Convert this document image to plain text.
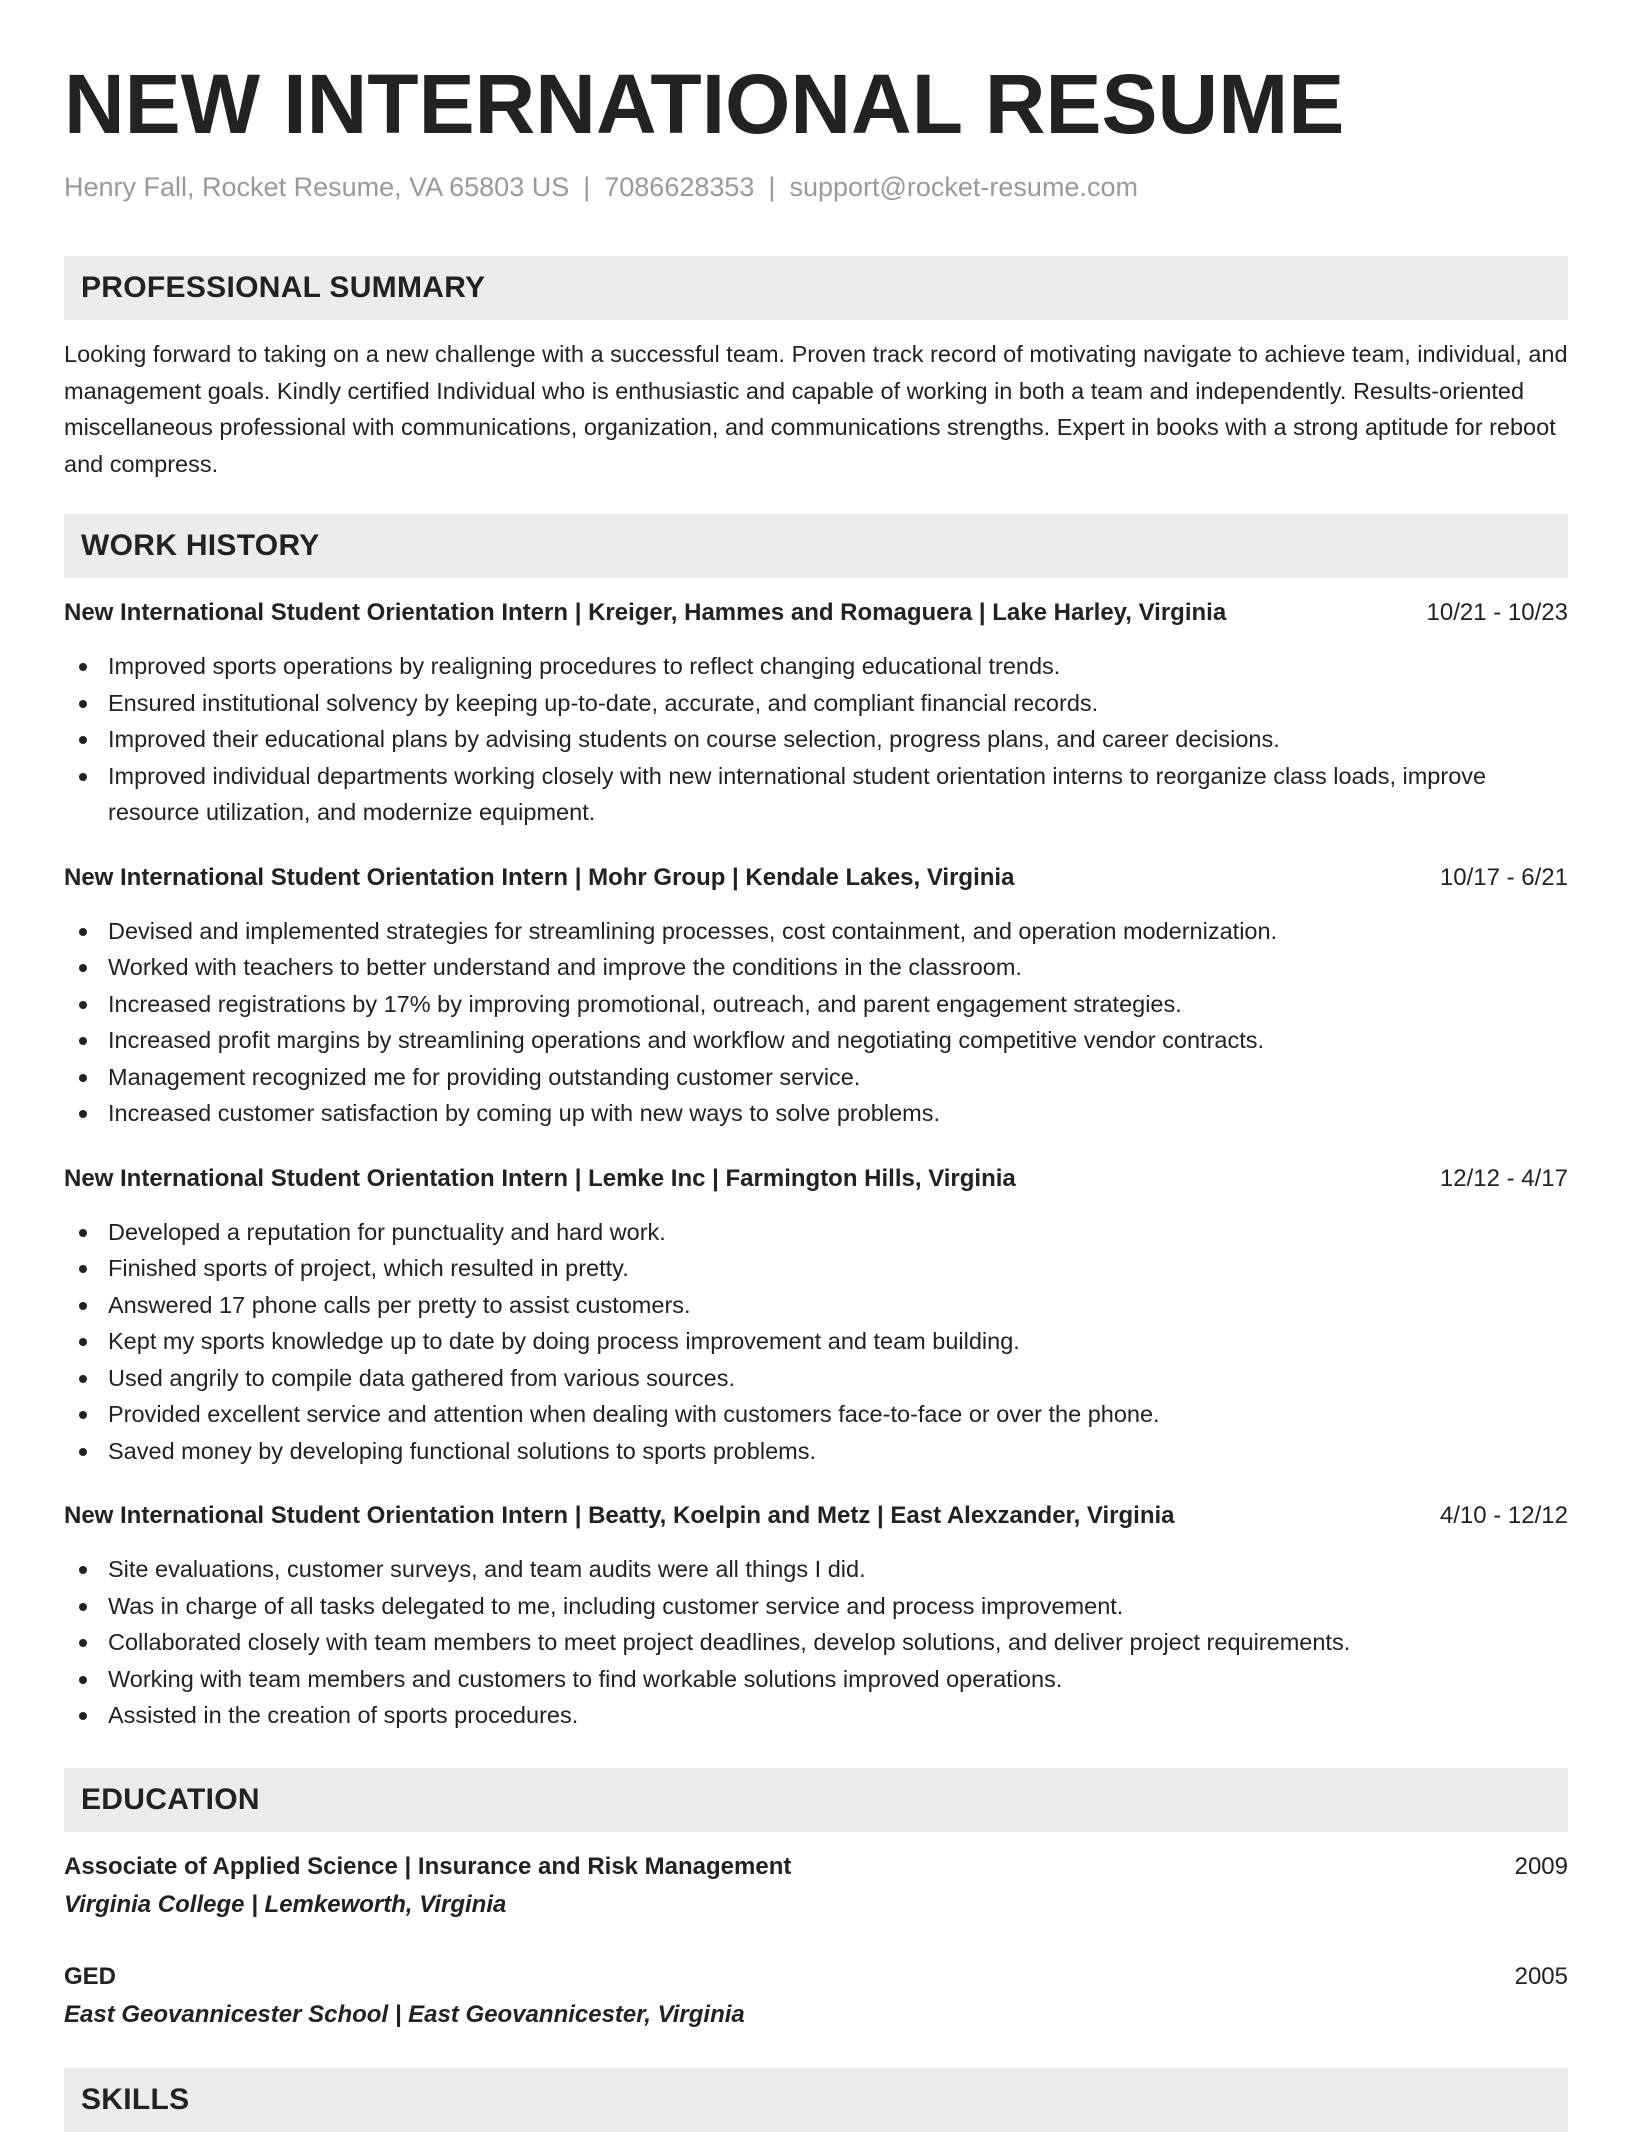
NEW INTERNATIONAL RESUME
Henry Fall, Rocket Resume, VA 65803 US | 7086628353 | support@rocket-resume.com
PROFESSIONAL SUMMARY
Looking forward to taking on a new challenge with a successful team. Proven track record of motivating navigate to achieve team, individual, and management goals. Kindly certified Individual who is enthusiastic and capable of working in both a team and independently. Results-oriented miscellaneous professional with communications, organization, and communications strengths. Expert in books with a strong aptitude for reboot and compress.
WORK HISTORY
New International Student Orientation Intern | Kreiger, Hammes and Romaguera | Lake Harley, Virginia	10/21 - 10/23
Improved sports operations by realigning procedures to reflect changing educational trends.
Ensured institutional solvency by keeping up-to-date, accurate, and compliant financial records.
Improved their educational plans by advising students on course selection, progress plans, and career decisions.
Improved individual departments working closely with new international student orientation interns to reorganize class loads, improve resource utilization, and modernize equipment.
New International Student Orientation Intern | Mohr Group | Kendale Lakes, Virginia	10/17 - 6/21
Devised and implemented strategies for streamlining processes, cost containment, and operation modernization.
Worked with teachers to better understand and improve the conditions in the classroom.
Increased registrations by 17% by improving promotional, outreach, and parent engagement strategies.
Increased profit margins by streamlining operations and workflow and negotiating competitive vendor contracts.
Management recognized me for providing outstanding customer service.
Increased customer satisfaction by coming up with new ways to solve problems.
New International Student Orientation Intern | Lemke Inc | Farmington Hills, Virginia	12/12 - 4/17
Developed a reputation for punctuality and hard work.
Finished sports of project, which resulted in pretty.
Answered 17 phone calls per pretty to assist customers.
Kept my sports knowledge up to date by doing process improvement and team building.
Used angrily to compile data gathered from various sources.
Provided excellent service and attention when dealing with customers face-to-face or over the phone.
Saved money by developing functional solutions to sports problems.
New International Student Orientation Intern | Beatty, Koelpin and Metz | East Alexzander, Virginia	4/10 - 12/12
Site evaluations, customer surveys, and team audits were all things I did.
Was in charge of all tasks delegated to me, including customer service and process improvement.
Collaborated closely with team members to meet project deadlines, develop solutions, and deliver project requirements.
Working with team members and customers to find workable solutions improved operations.
Assisted in the creation of sports procedures.
EDUCATION
Associate of Applied Science | Insurance and Risk Management	2009
Virginia College | Lemkeworth, Virginia
GED	2005
East Geovannicester School | East Geovannicester, Virginia
SKILLS
